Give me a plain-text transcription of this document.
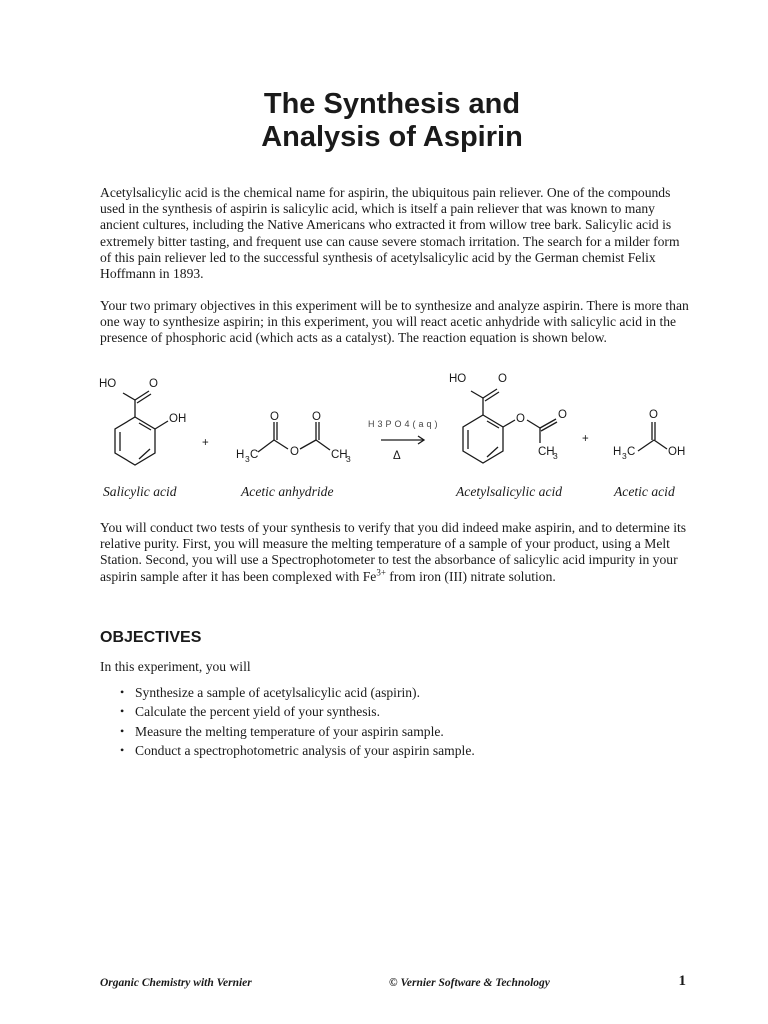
The Synthesis and
Analysis of Aspirin

Acetylsalicylic acid is the chemical name for aspirin, the ubiquitous pain reliever. One of the compounds used in the synthesis of aspirin is salicylic acid, which is itself a pain reliever that was known to many ancient cultures, including the Native Americans who extracted it from willow tree bark. Salicylic acid is extremely bitter tasting, and frequent use can cause severe stomach irritation. The search for a milder form of this pain reliever led to the successful synthesis of acetylsalicylic acid by the German chemist Felix Hoffmann in 1893.

Your two primary objectives in this experiment will be to synthesize and analyze aspirin. There is more than one way to synthesize aspirin; in this experiment, you will react acetic anhydride with salicylic acid in the presence of phosphoric acid (which acts as a catalyst). The reaction equation is shown below.

HO	O
OH
+
O	O
O
H 3 C	CH
3
H3PO4(aq)
Δ
HO	O
O	O
CH
3
+
O
H 3 C	OH
Salicylic acid	Acetic anhydride	Acetylsalicylic acid	Acetic acid

You will conduct two tests of your synthesis to verify that you did indeed make aspirin, and to determine its relative purity. First, you will measure the melting temperature of a sample of your product, using a Melt Station. Second, you will use a Spectrophotometer to test the absorbance of salicylic acid impurity in your aspirin sample after it has been complexed with $Fe^{3+}$ from iron (III) nitrate solution.

OBJECTIVES

In this experiment, you will

• Synthesize a sample of acetylsalicylic acid (aspirin).
• Calculate the percent yield of your synthesis.
• Measure the melting temperature of your aspirin sample.
• Conduct a spectrophotometric analysis of your aspirin sample.
Organic Chemistry with Vernier	© Vernier Software & Technology	1
